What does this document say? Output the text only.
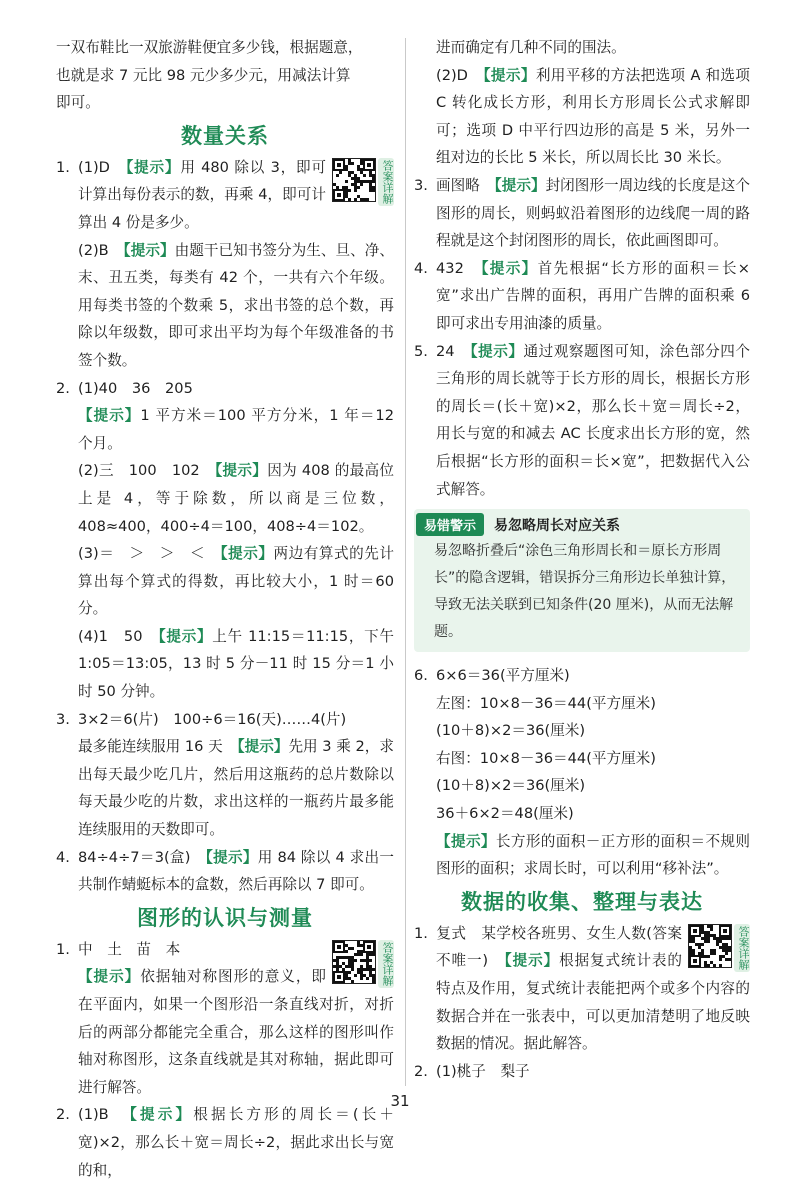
一双布鞋比一双旅游鞋便宜多少钱，根据题意，

也就是求 7 元比 98 元少多少元，用减法计算

即可。

数量关系
答案详解
1. (1)D　 【提示】用 480 除以 3，即可计算出每份表示的数，再乘 4，即可计算出 4 份是多少。
(2)B　 【提示】由题干已知书签分为生、旦、净、末、丑五类，每类有 42 个，一共有六个年级。用每类书签的个数乘 5，求出书签的总个数，再除以年级数，即可求出平均为每个年级准备的书签个数。
2. (1)40　36　205
【提示】1 平方米＝100 平方分米，1 年＝12 个月。
(2)三　100　102　 【提示】因为 408 的最高位上是 4，等于除数，所以商是三位数，408≈400，400÷4＝100，408÷4＝102。
(3)＝　＞　＞　＜　 【提示】两边有算式的先计算出每个算式的得数，再比较大小，1 时＝60 分。
(4)1　50　 【提示】上午 11:15＝11:15，下午 1:05＝13:05，13 时 5 分－11 时 15 分＝1 小时 50 分钟。
3. 3×2＝6(片)　100÷6＝16(天)……4(片)
最多能连续服用 16 天　 【提示】先用 3 乘 2，求出每天最少吃几片，然后用这瓶药的总片数除以每天最少吃的片数，求出这样的一瓶药片最多能连续服用的天数即可。
4. 84÷4÷7＝3(盒)　 【提示】用 84 除以 4 求出一共制作蜻蜓标本的盒数，然后再除以 7 即可。
图形的认识与测量
答案详解
1. 中　土　苗　本
【提示】依据轴对称图形的意义，即在平面内，如果一个图形沿一条直线对折，对折后的两部分都能完全重合，那么这样的图形叫作轴对称图形，这条直线就是其对称轴，据此即可进行解答。
2. (1)B　 【提示】根据长方形的周长＝(长＋宽)×2，那么长＋宽＝周长÷2，据此求出长与宽的和，

进而确定有几种不同的围法。

(2)D　 【提示】利用平移的方法把选项 A 和选项 C 转化成长方形，利用长方形周长公式求解即可；选项 D 中平行四边形的高是 5 米，另外一组对边的长比 5 米长，所以周长比 30 米长。
3. 画图略　 【提示】封闭图形一周边线的长度是这个图形的周长，则蚂蚁沿着图形的边线爬一周的路程就是这个封闭图形的周长，依此画图即可。
4. 432　 【提示】首先根据“长方形的面积＝长×宽”求出广告牌的面积，再用广告牌的面积乘 6 即可求出专用油漆的质量。
5. 24　 【提示】通过观察题图可知，涂色部分四个三角形的周长就等于长方形的周长，根据长方形的周长＝(长＋宽)×2，那么长＋宽＝周长÷2，用长与宽的和减去 AC 长度求出长方形的宽，然后根据“长方形的面积＝长×宽”，把数据代入公式解答。
易错警示	易忽略周长对应关系
易忽略折叠后“涂色三角形周长和＝原长方形周长”的隐含逻辑，错误拆分三角形边长单独计算，导致无法关联到已知条件(20 厘米)，从而无法解题。
6. 6×6＝36(平方厘米)
左图：10×8－36＝44(平方厘米)
(10＋8)×2＝36(厘米)
右图：10×8－36＝44(平方厘米)
(10＋8)×2＝36(厘米)
36＋6×2＝48(厘米)
【提示】长方形的面积－正方形的面积＝不规则图形的面积；求周长时，可以利用“移补法”。
数据的收集、整理与表达
答案详解
1. 复式　某学校各班男、女生人数(答案不唯一)　 【提示】根据复式统计表的特点及作用，复式统计表能把两个或多个内容的数据合并在一张表中，可以更加清楚明了地反映数据的情况。据此解答。
2. (1)桃子　梨子
31
